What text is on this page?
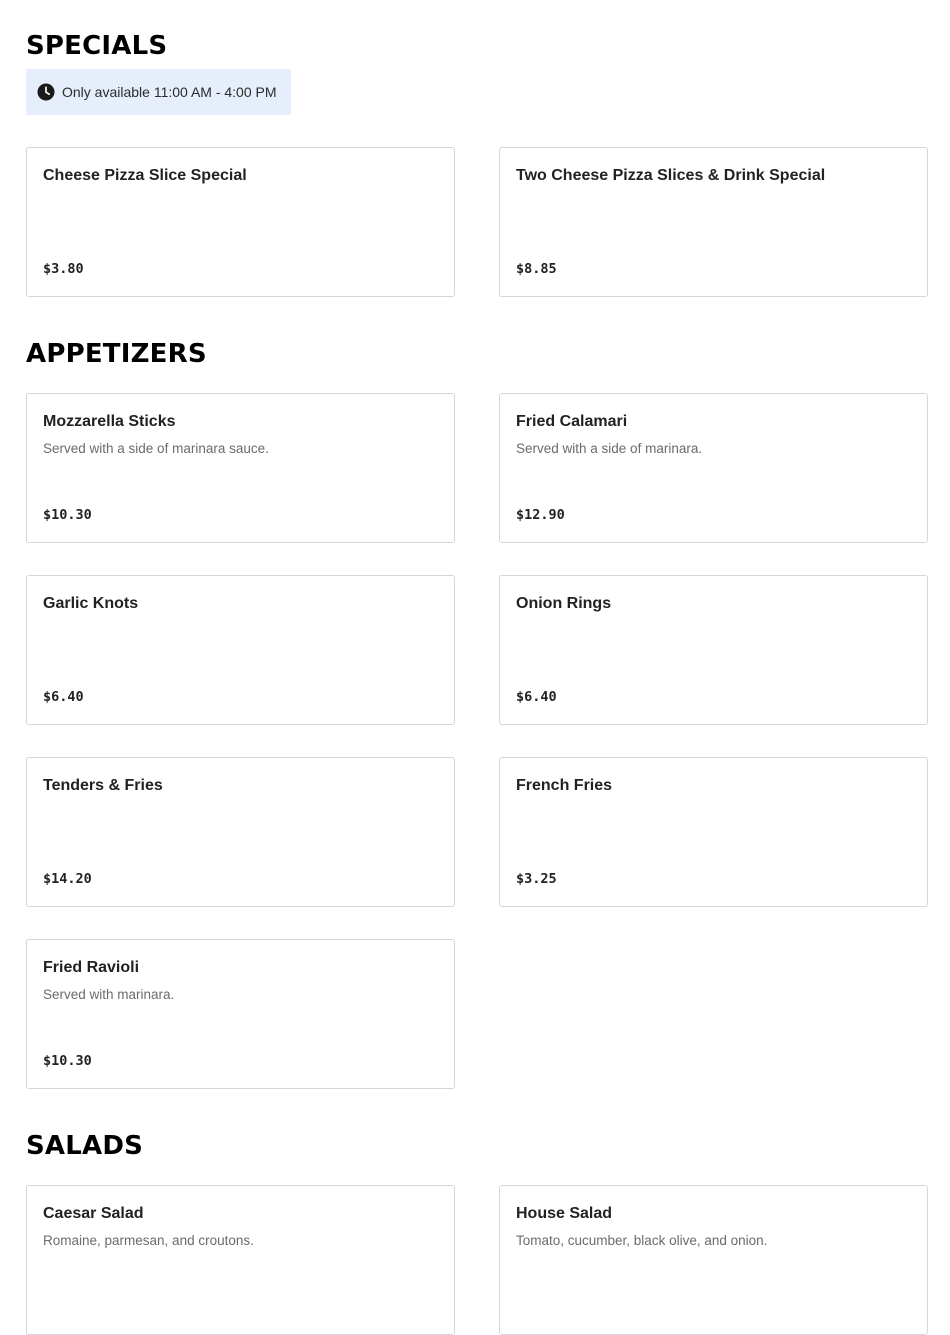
SPECIALS
Only available 11:00 AM - 4:00 PM
Cheese Pizza Slice Special
$3.80
Two Cheese Pizza Slices & Drink Special
$8.85
APPETIZERS
Mozzarella Sticks
Served with a side of marinara sauce.
$10.30
Fried Calamari
Served with a side of marinara.
$12.90
Garlic Knots
$6.40
Onion Rings
$6.40
Tenders & Fries
$14.20
French Fries
$3.25
Fried Ravioli
Served with marinara.
$10.30
SALADS
Caesar Salad
Romaine, parmesan, and croutons.
House Salad
Tomato, cucumber, black olive, and onion.
